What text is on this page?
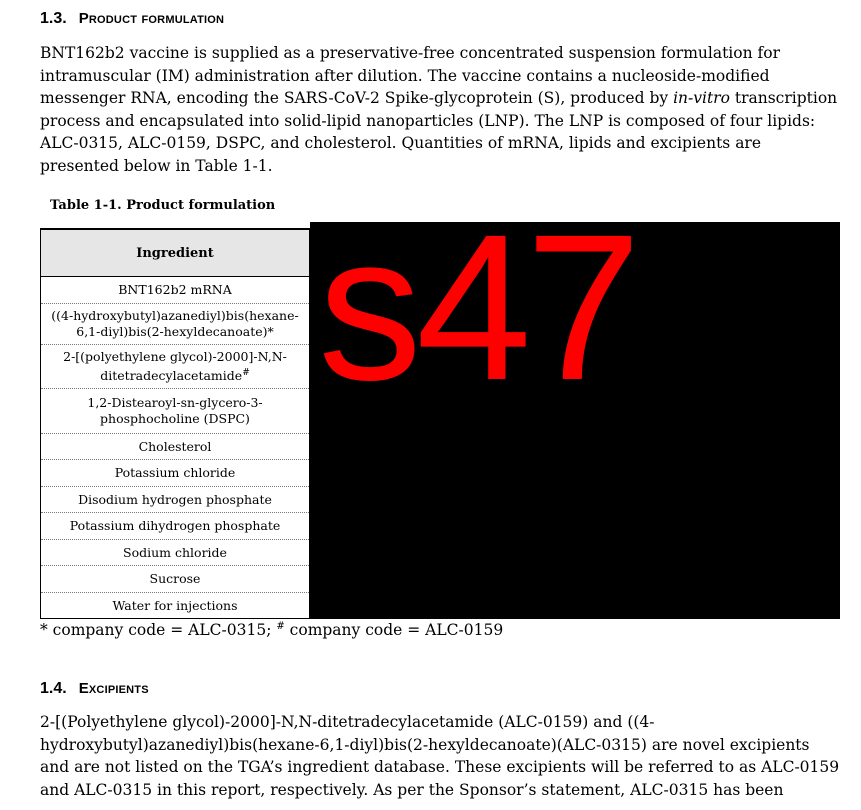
1.3. Product formulation

BNT162b2 vaccine is supplied as a preservative-free concentrated suspension formulation for intramuscular (IM) administration after dilution. The vaccine contains a nucleoside-modified messenger RNA, encoding the SARS-CoV-2 Spike-glycoprotein (S), produced by in-vitro transcription process and encapsulated into solid-lipid nanoparticles (LNP). The LNP is composed of four lipids: ALC-0315, ALC-0159, DSPC, and cholesterol. Quantities of mRNA, lipids and excipients are presented below in Table 1-1.

Table 1-1. Product formulation

Ingredient
BNT162b2 mRNA
((4-hydroxybutyl)azanediyl)bis(hexane-6,1-diyl)bis(2-hexyldecanoate)*
2-[(polyethylene glycol)-2000]-N,N-ditetradecylacetamide#
1,2-Distearoyl-sn-glycero-3-phosphocholine (DSPC)
Cholesterol
Potassium chloride
Disodium hydrogen phosphate
Potassium dihydrogen phosphate
Sodium chloride
Sucrose
Water for injections
s47

* company code = ALC-0315; # company code = ALC-0159

1.4. Excipients

2-[(Polyethylene glycol)-2000]-N,N-ditetradecylacetamide (ALC-0159) and ((4-hydroxybutyl)azanediyl)bis(hexane-6,1-diyl)bis(2-hexyldecanoate)(ALC-0315) are novel excipients and are not listed on the TGA’s ingredient database. These excipients will be referred to as ALC-0159 and ALC-0315 in this report, respectively. As per the Sponsor’s statement, ALC-0315 has been
